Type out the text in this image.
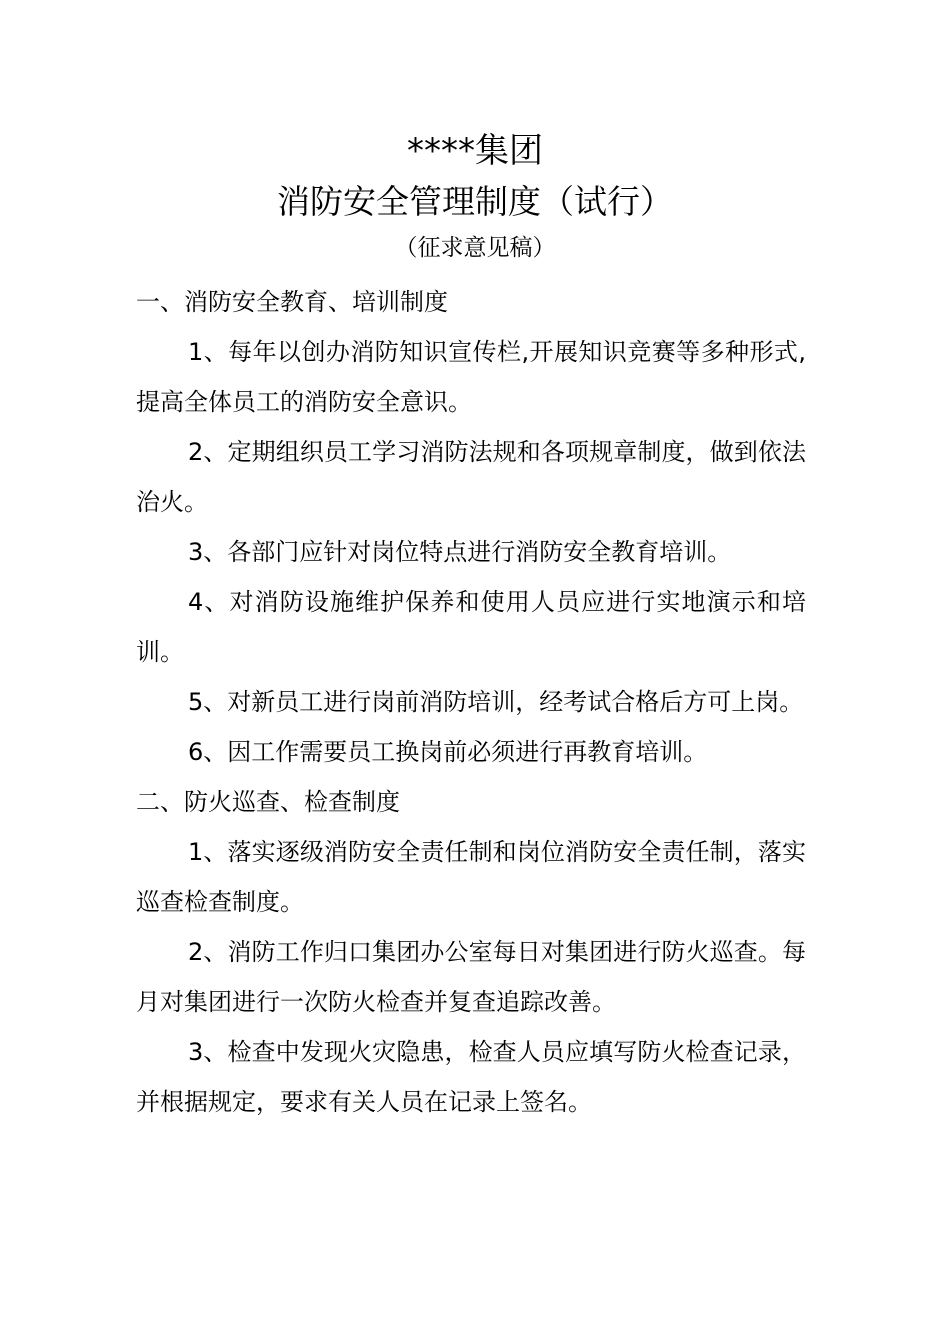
****集团
消防安全管理制度（试行）
（征求意见稿）

一、消防安全教育、培训制度

1、每年以创办消防知识宣传栏,开展知识竞赛等多种形式,提高全体员工的消防安全意识。

2、定期组织员工学习消防法规和各项规章制度，做到依法治火。

3、各部门应针对岗位特点进行消防安全教育培训。

4、对消防设施维护保养和使用人员应进行实地演示和培训。

5、对新员工进行岗前消防培训，经考试合格后方可上岗。

6、因工作需要员工换岗前必须进行再教育培训。

二、防火巡查、检查制度

1、落实逐级消防安全责任制和岗位消防安全责任制，落实巡查检查制度。

2、消防工作归口集团办公室每日对集团进行防火巡查。每月对集团进行一次防火检查并复查追踪改善。

3、检查中发现火灾隐患，检查人员应填写防火检查记录，并根据规定，要求有关人员在记录上签名。
